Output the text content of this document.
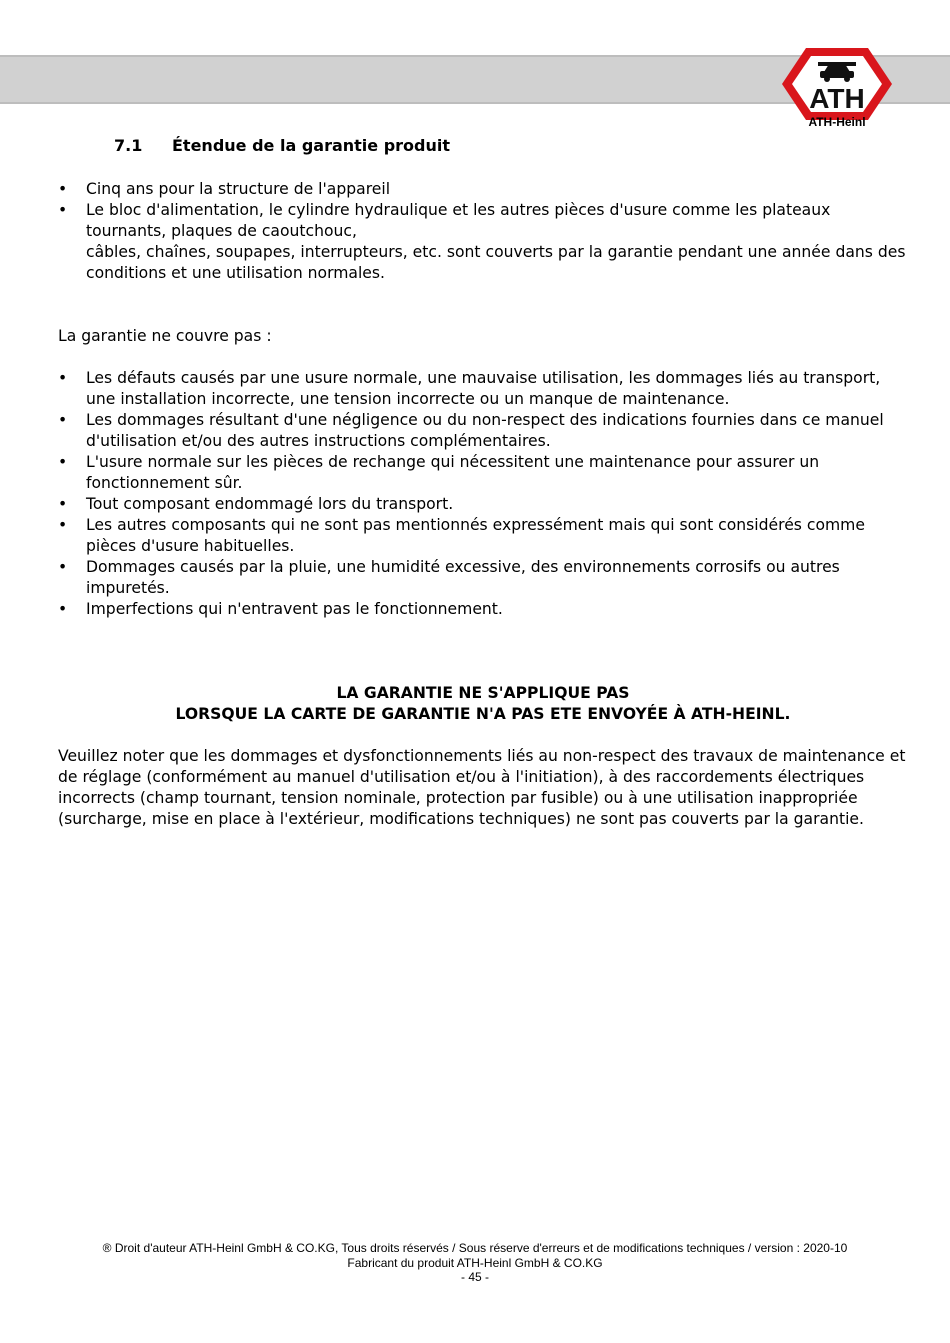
ATH
ATH-Heinl
7.1 Étendue de la garantie produit
• Cinq ans pour la structure de l'appareil
• Le bloc d'alimentation, le cylindre hydraulique et les autres pièces d'usure comme les plateaux tournants, plaques de caoutchouc,
câbles, chaînes, soupapes, interrupteurs, etc. sont couverts par la garantie pendant une année dans des conditions et une utilisation normales.

La garantie ne couvre pas :

• Les défauts causés par une usure normale, une mauvaise utilisation, les dommages liés au transport, une installation incorrecte, une tension incorrecte ou un manque de maintenance.
• Les dommages résultant d'une négligence ou du non-respect des indications fournies dans ce manuel d'utilisation et/ou des autres instructions complémentaires.
• L'usure normale sur les pièces de rechange qui nécessitent une maintenance pour assurer un fonctionnement sûr.
• Tout composant endommagé lors du transport.
• Les autres composants qui ne sont pas mentionnés expressément mais qui sont considérés comme pièces d'usure habituelles.
• Dommages causés par la pluie, une humidité excessive, des environnements corrosifs ou autres impuretés.
• Imperfections qui n'entravent pas le fonctionnement.

LA GARANTIE NE S'APPLIQUE PAS

LORSQUE LA CARTE DE GARANTIE N'A PAS ETE ENVOYÉE À ATH-HEINL.

Veuillez noter que les dommages et dysfonctionnements liés au non-respect des travaux de maintenance et de réglage (conformément au manuel d'utilisation et/ou à l'initiation), à des raccordements électriques incorrects (champ tournant, tension nominale, protection par fusible) ou à une utilisation inappropriée (surcharge, mise en place à l'extérieur, modifications techniques) ne sont pas couverts par la garantie.

® Droit d'auteur ATH-Heinl GmbH & CO.KG, Tous droits réservés / Sous réserve d'erreurs et de modifications techniques / version : 2020-10
Fabricant du produit ATH-Heinl GmbH & CO.KG
- 45 -
